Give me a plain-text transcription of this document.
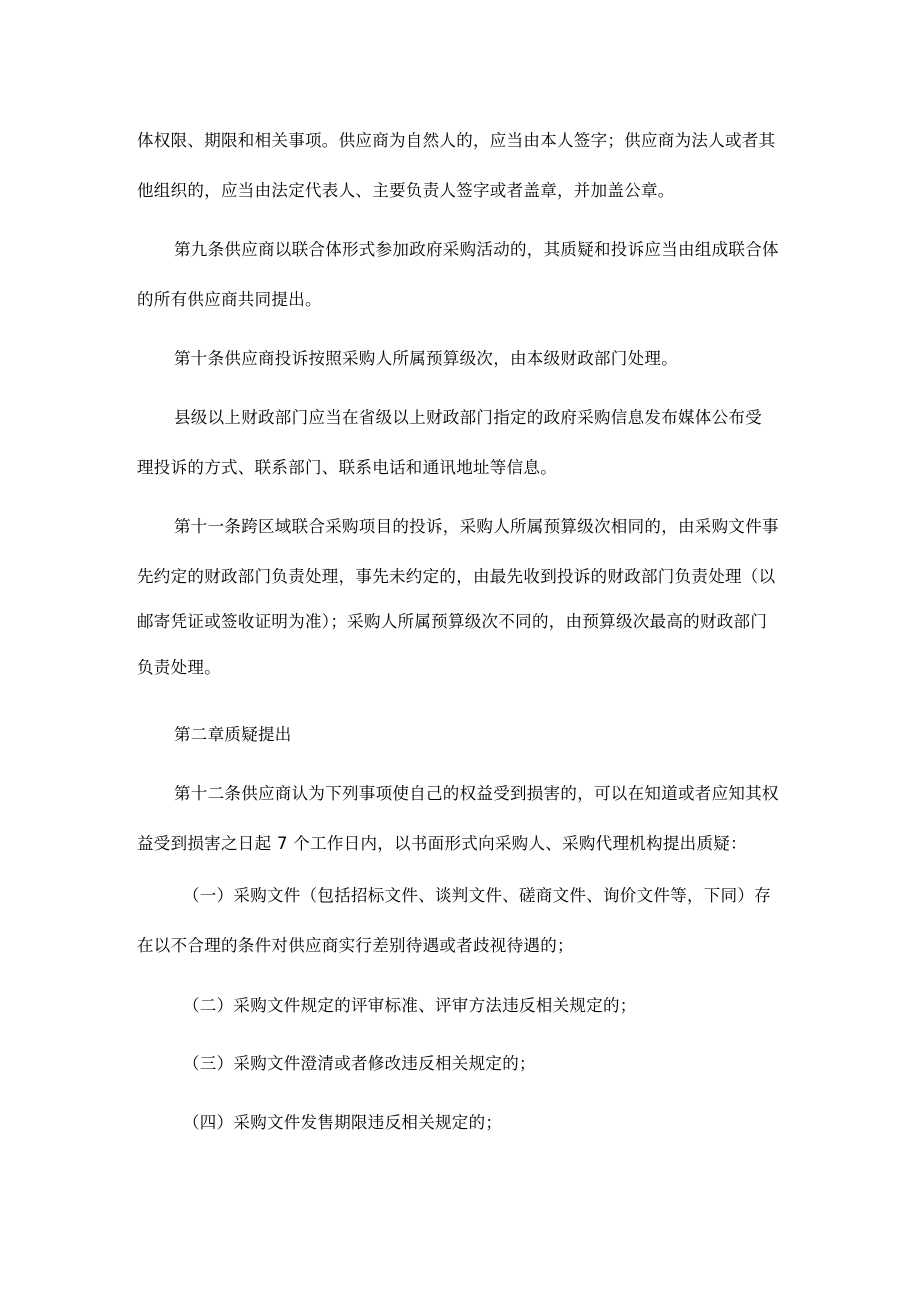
体权限、期限和相关事项。供应商为自然人的，应当由本人签字；供应商为法人或者其
他组织的，应当由法定代表人、主要负责人签字或者盖章，并加盖公章。
第九条供应商以联合体形式参加政府采购活动的，其质疑和投诉应当由组成联合体
的所有供应商共同提出。
第十条供应商投诉按照采购人所属预算级次，由本级财政部门处理。
县级以上财政部门应当在省级以上财政部门指定的政府采购信息发布媒体公布受
理投诉的方式、联系部门、联系电话和通讯地址等信息。
第十一条跨区域联合采购项目的投诉，采购人所属预算级次相同的，由采购文件事
先约定的财政部门负责处理，事先未约定的，由最先收到投诉的财政部门负责处理（以
邮寄凭证或签收证明为准）；采购人所属预算级次不同的，由预算级次最高的财政部门
负责处理。
第二章质疑提出
第十二条供应商认为下列事项使自己的权益受到损害的，可以在知道或者应知其权
益受到损害之日起 7 个工作日内，以书面形式向采购人、采购代理机构提出质疑：
（一）采购文件（包括招标文件、谈判文件、磋商文件、询价文件等，下同）存
在以不合理的条件对供应商实行差别待遇或者歧视待遇的；
（二）采购文件规定的评审标准、评审方法违反相关规定的；
（三）采购文件澄清或者修改违反相关规定的；
（四）采购文件发售期限违反相关规定的；
